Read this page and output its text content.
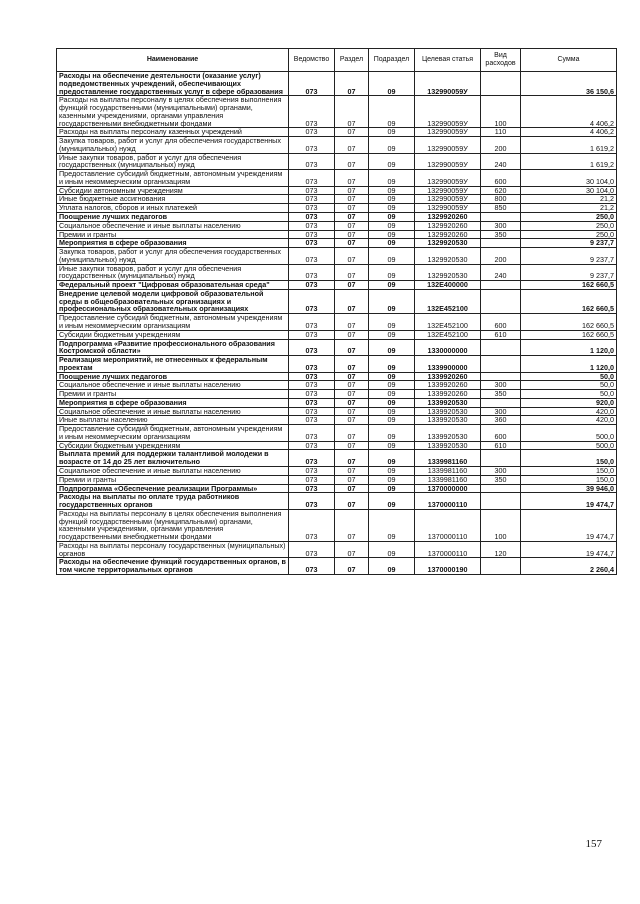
Наименование	Ведомство	Раздел	Подраздел	Целевая статья	Вид расходов	Сумма
Расходы на обеспечение деятельности (оказание услуг) подведомственных учреждений, обеспечивающих предоставление государственных услуг в сфере образования	073	07	09	132990059У		36 150,6
Расходы на выплаты персоналу в целях обеспечения выполнения функций государственными (муниципальными) органами, казенными учреждениями, органами управления государственными внебюджетными фондами	073	07	09	132990059У	100	4 406,2
Расходы на выплаты персоналу казенных учреждений	073	07	09	132990059У	110	4 406,2
Закупка товаров, работ и услуг для обеспечения государственных (муниципальных) нужд	073	07	09	132990059У	200	1 619,2
Иные закупки товаров, работ и услуг для обеспечения государственных (муниципальных) нужд	073	07	09	132990059У	240	1 619,2
Предоставление субсидий бюджетным, автономным учреждениям и иным некоммерческим организациям	073	07	09	132990059У	600	30 104,0
Субсидии автономным учреждениям	073	07	09	132990059У	620	30 104,0
Иные бюджетные ассигнования	073	07	09	132990059У	800	21,2
Уплата налогов, сборов и иных платежей	073	07	09	132990059У	850	21,2
Поощрение лучших педагогов	073	07	09	1329920260		250,0
Социальное обеспечение и иные выплаты населению	073	07	09	1329920260	300	250,0
Премии и гранты	073	07	09	1329920260	350	250,0
Мероприятия в сфере образования	073	07	09	1329920530		9 237,7
Закупка товаров, работ и услуг для обеспечения государственных (муниципальных) нужд	073	07	09	1329920530	200	9 237,7
Иные закупки товаров, работ и услуг для обеспечения государственных (муниципальных) нужд	073	07	09	1329920530	240	9 237,7
Федеральный проект "Цифровая образовательная среда"	073	07	09	132E400000		162 660,5
Внедрение целевой модели цифровой образовательной среды в общеобразовательных организациях и профессиональных образовательных организациях	073	07	09	132E452100		162 660,5
Предоставление субсидий бюджетным, автономным учреждениям и иным некоммерческим организациям	073	07	09	132E452100	600	162 660,5
Субсидии бюджетным учреждениям	073	07	09	132E452100	610	162 660,5
Подпрограмма «Развитие профессионального образования Костромской области»	073	07	09	1330000000		1 120,0
Реализация мероприятий, не отнесенных к федеральным проектам	073	07	09	1339900000		1 120,0
Поощрение лучших педагогов	073	07	09	1339920260		50,0
Социальное обеспечение и иные выплаты населению	073	07	09	1339920260	300	50,0
Премии и гранты	073	07	09	1339920260	350	50,0
Мероприятия в сфере образования	073	07	09	1339920530		920,0
Социальное обеспечение и иные выплаты населению	073	07	09	1339920530	300	420,0
Иные выплаты населению	073	07	09	1339920530	360	420,0
Предоставление субсидий бюджетным, автономным учреждениям и иным некоммерческим организациям	073	07	09	1339920530	600	500,0
Субсидии бюджетным учреждениям	073	07	09	1339920530	610	500,0
Выплата премий для поддержки талантливой молодежи в возрасте от 14 до 25 лет включительно	073	07	09	1339981160		150,0
Социальное обеспечение и иные выплаты населению	073	07	09	1339981160	300	150,0
Премии и гранты	073	07	09	1339981160	350	150,0
Подпрограмма «Обеспечение реализации Программы»	073	07	09	1370000000		39 946,0
Расходы на выплаты по оплате труда работников государственных органов	073	07	09	1370000110		19 474,7
Расходы на выплаты персоналу в целях обеспечения выполнения функций государственными (муниципальными) органами, казенными учреждениями, органами управления государственными внебюджетными фондами	073	07	09	1370000110	100	19 474,7
Расходы на выплаты персоналу государственных (муниципальных) органов	073	07	09	1370000110	120	19 474,7
Расходы на обеспечение функций государственных органов, в том числе территориальных органов	073	07	09	1370000190		2 260,4
157
